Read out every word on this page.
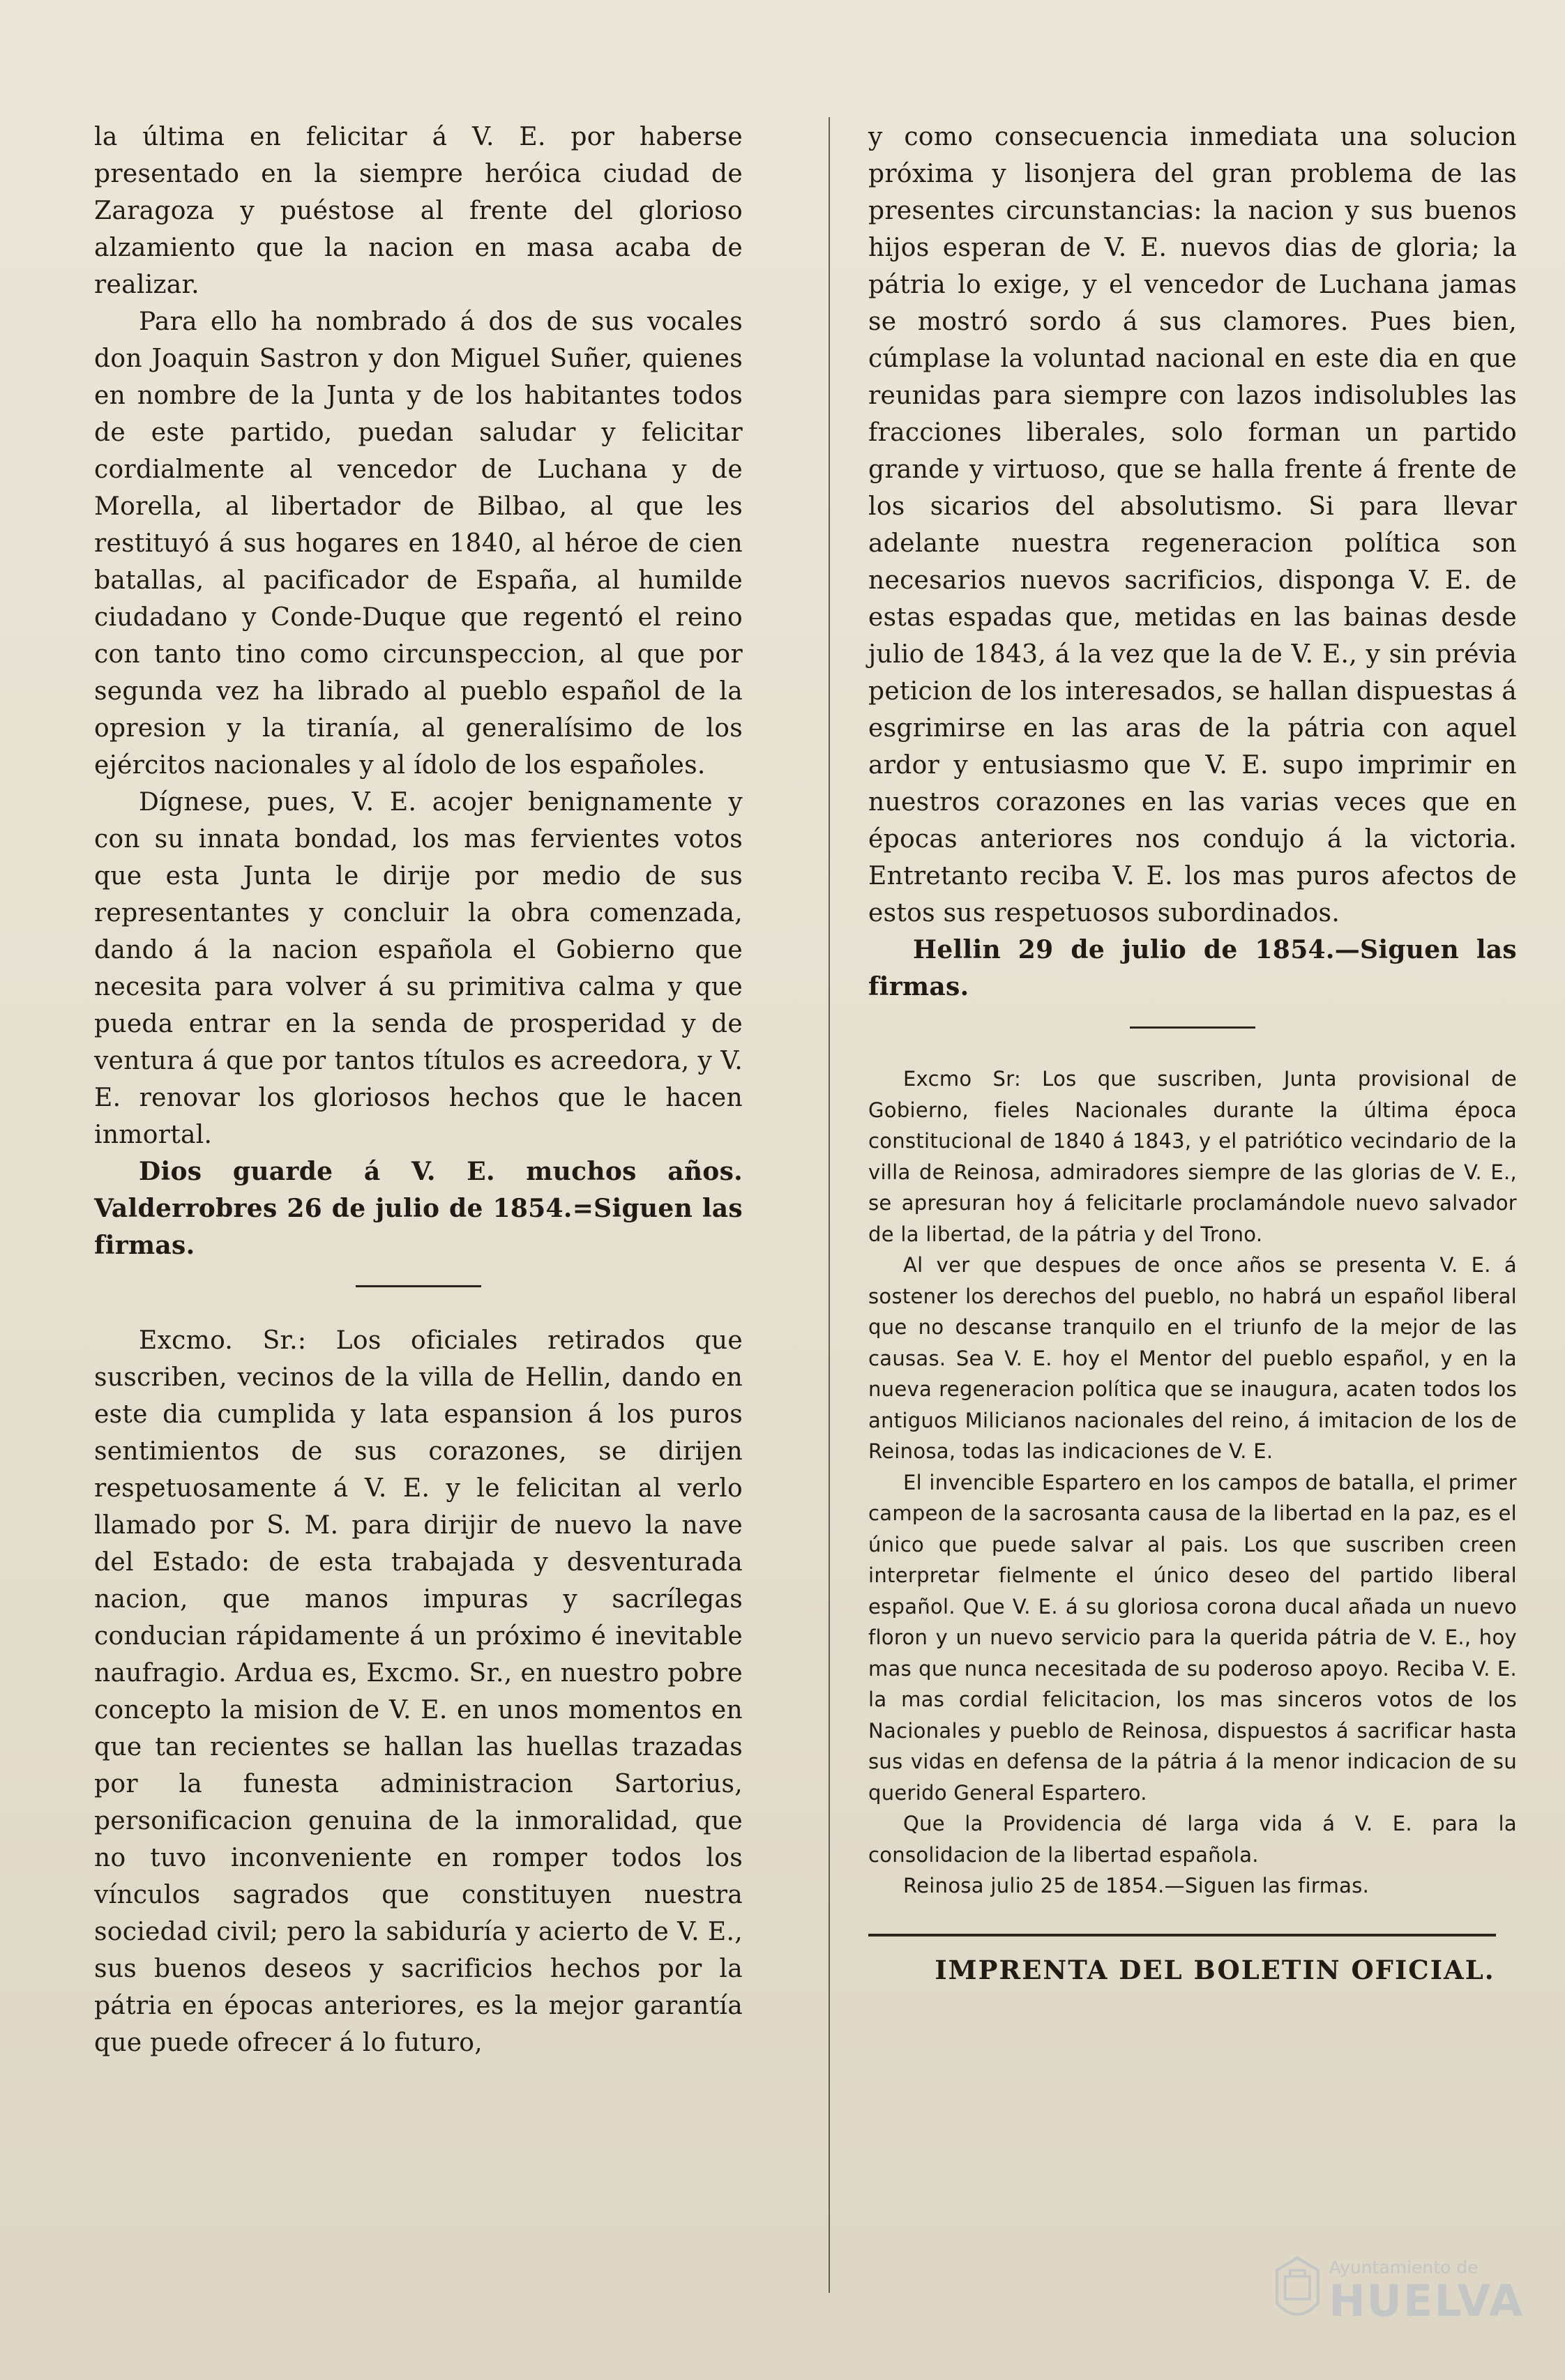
la última en felicitar á V. E. por haberse presentado en la siempre heróica ciudad de Zaragoza y puéstose al frente del glorioso alzamiento que la nacion en masa acaba de realizar.

Para ello ha nombrado á dos de sus vocales don Joaquin Sastron y don Miguel Suñer, quienes en nombre de la Junta y de los habitantes todos de este partido, puedan saludar y felicitar cordialmente al vencedor de Luchana y de Morella, al libertador de Bilbao, al que les restituyó á sus hogares en 1840, al héroe de cien batallas, al pacificador de España, al humilde ciudadano y Conde-Duque que regentó el reino con tanto tino como circunspeccion, al que por segunda vez ha librado al pueblo español de la opresion y la tiranía, al generalísimo de los ejércitos nacionales y al ídolo de los españoles.

Dígnese, pues, V. E. acojer benignamente y con su innata bondad, los mas fervientes votos que esta Junta le dirije por medio de sus representantes y concluir la obra comenzada, dando á la nacion española el Gobierno que necesita para volver á su primitiva calma y que pueda entrar en la senda de prosperidad y de ventura á que por tantos títulos es acreedora, y V. E. renovar los gloriosos hechos que le hacen inmortal.

Dios guarde á V. E. muchos años. Valderrobres 26 de julio de 1854.=Siguen las firmas.

Excmo. Sr.: Los oficiales retirados que suscriben, vecinos de la villa de Hellin, dando en este dia cumplida y lata espansion á los puros sentimientos de sus corazones, se dirijen respetuosamente á V. E. y le felicitan al verlo llamado por S. M. para dirijir de nuevo la nave del Estado: de esta trabajada y desventurada nacion, que manos impuras y sacrílegas conducian rápidamente á un próximo é inevitable naufragio. Ardua es, Excmo. Sr., en nuestro pobre concepto la mision de V. E. en unos momentos en que tan recientes se hallan las huellas trazadas por la funesta administracion Sartorius, personificacion genuina de la inmoralidad, que no tuvo inconveniente en romper todos los vínculos sagrados que constituyen nuestra sociedad civil; pero la sabiduría y acierto de V. E., sus buenos deseos y sacrificios hechos por la pátria en épocas anteriores, es la mejor garantía que puede ofrecer á lo futuro,

y como consecuencia inmediata una solucion próxima y lisonjera del gran problema de las presentes circunstancias: la nacion y sus buenos hijos esperan de V. E. nuevos dias de gloria; la pátria lo exige, y el vencedor de Luchana jamas se mostró sordo á sus clamores. Pues bien, cúmplase la voluntad nacional en este dia en que reunidas para siempre con lazos indisolubles las fracciones liberales, solo forman un partido grande y virtuoso, que se halla frente á frente de los sicarios del absolutismo. Si para llevar adelante nuestra regeneracion política son necesarios nuevos sacrificios, disponga V. E. de estas espadas que, metidas en las bainas desde julio de 1843, á la vez que la de V. E., y sin prévia peticion de los interesados, se hallan dispuestas á esgrimirse en las aras de la pátria con aquel ardor y entusiasmo que V. E. supo imprimir en nuestros corazones en las varias veces que en épocas anteriores nos condujo á la victoria. Entretanto reciba V. E. los mas puros afectos de estos sus respetuosos subordinados.

Hellin 29 de julio de 1854.—Siguen las firmas.

Excmo Sr: Los que suscriben, Junta provisional de Gobierno, fieles Nacionales durante la última época constitucional de 1840 á 1843, y el patriótico vecindario de la villa de Reinosa, admiradores siempre de las glorias de V. E., se apresuran hoy á felicitarle proclamándole nuevo salvador de la libertad, de la pátria y del Trono.

Al ver que despues de once años se presenta V. E. á sostener los derechos del pueblo, no habrá un español liberal que no descanse tranquilo en el triunfo de la mejor de las causas. Sea V. E. hoy el Mentor del pueblo español, y en la nueva regeneracion política que se inaugura, acaten todos los antiguos Milicianos nacionales del reino, á imitacion de los de Reinosa, todas las indicaciones de V. E.

El invencible Espartero en los campos de batalla, el primer campeon de la sacrosanta causa de la libertad en la paz, es el único que puede salvar al pais. Los que suscriben creen interpretar fielmente el único deseo del partido liberal español. Que V. E. á su gloriosa corona ducal añada un nuevo floron y un nuevo servicio para la querida pátria de V. E., hoy mas que nunca necesitada de su poderoso apoyo. Reciba V. E. la mas cordial felicitacion, los mas sinceros votos de los Nacionales y pueblo de Reinosa, dispuestos á sacrificar hasta sus vidas en defensa de la pátria á la menor indicacion de su querido General Espartero.

Que la Providencia dé larga vida á V. E. para la consolidacion de la libertad española.

Reinosa julio 25 de 1854.—Siguen las firmas.

IMPRENTA DEL BOLETIN OFICIAL.

Ayuntamiento de
HUELVA
